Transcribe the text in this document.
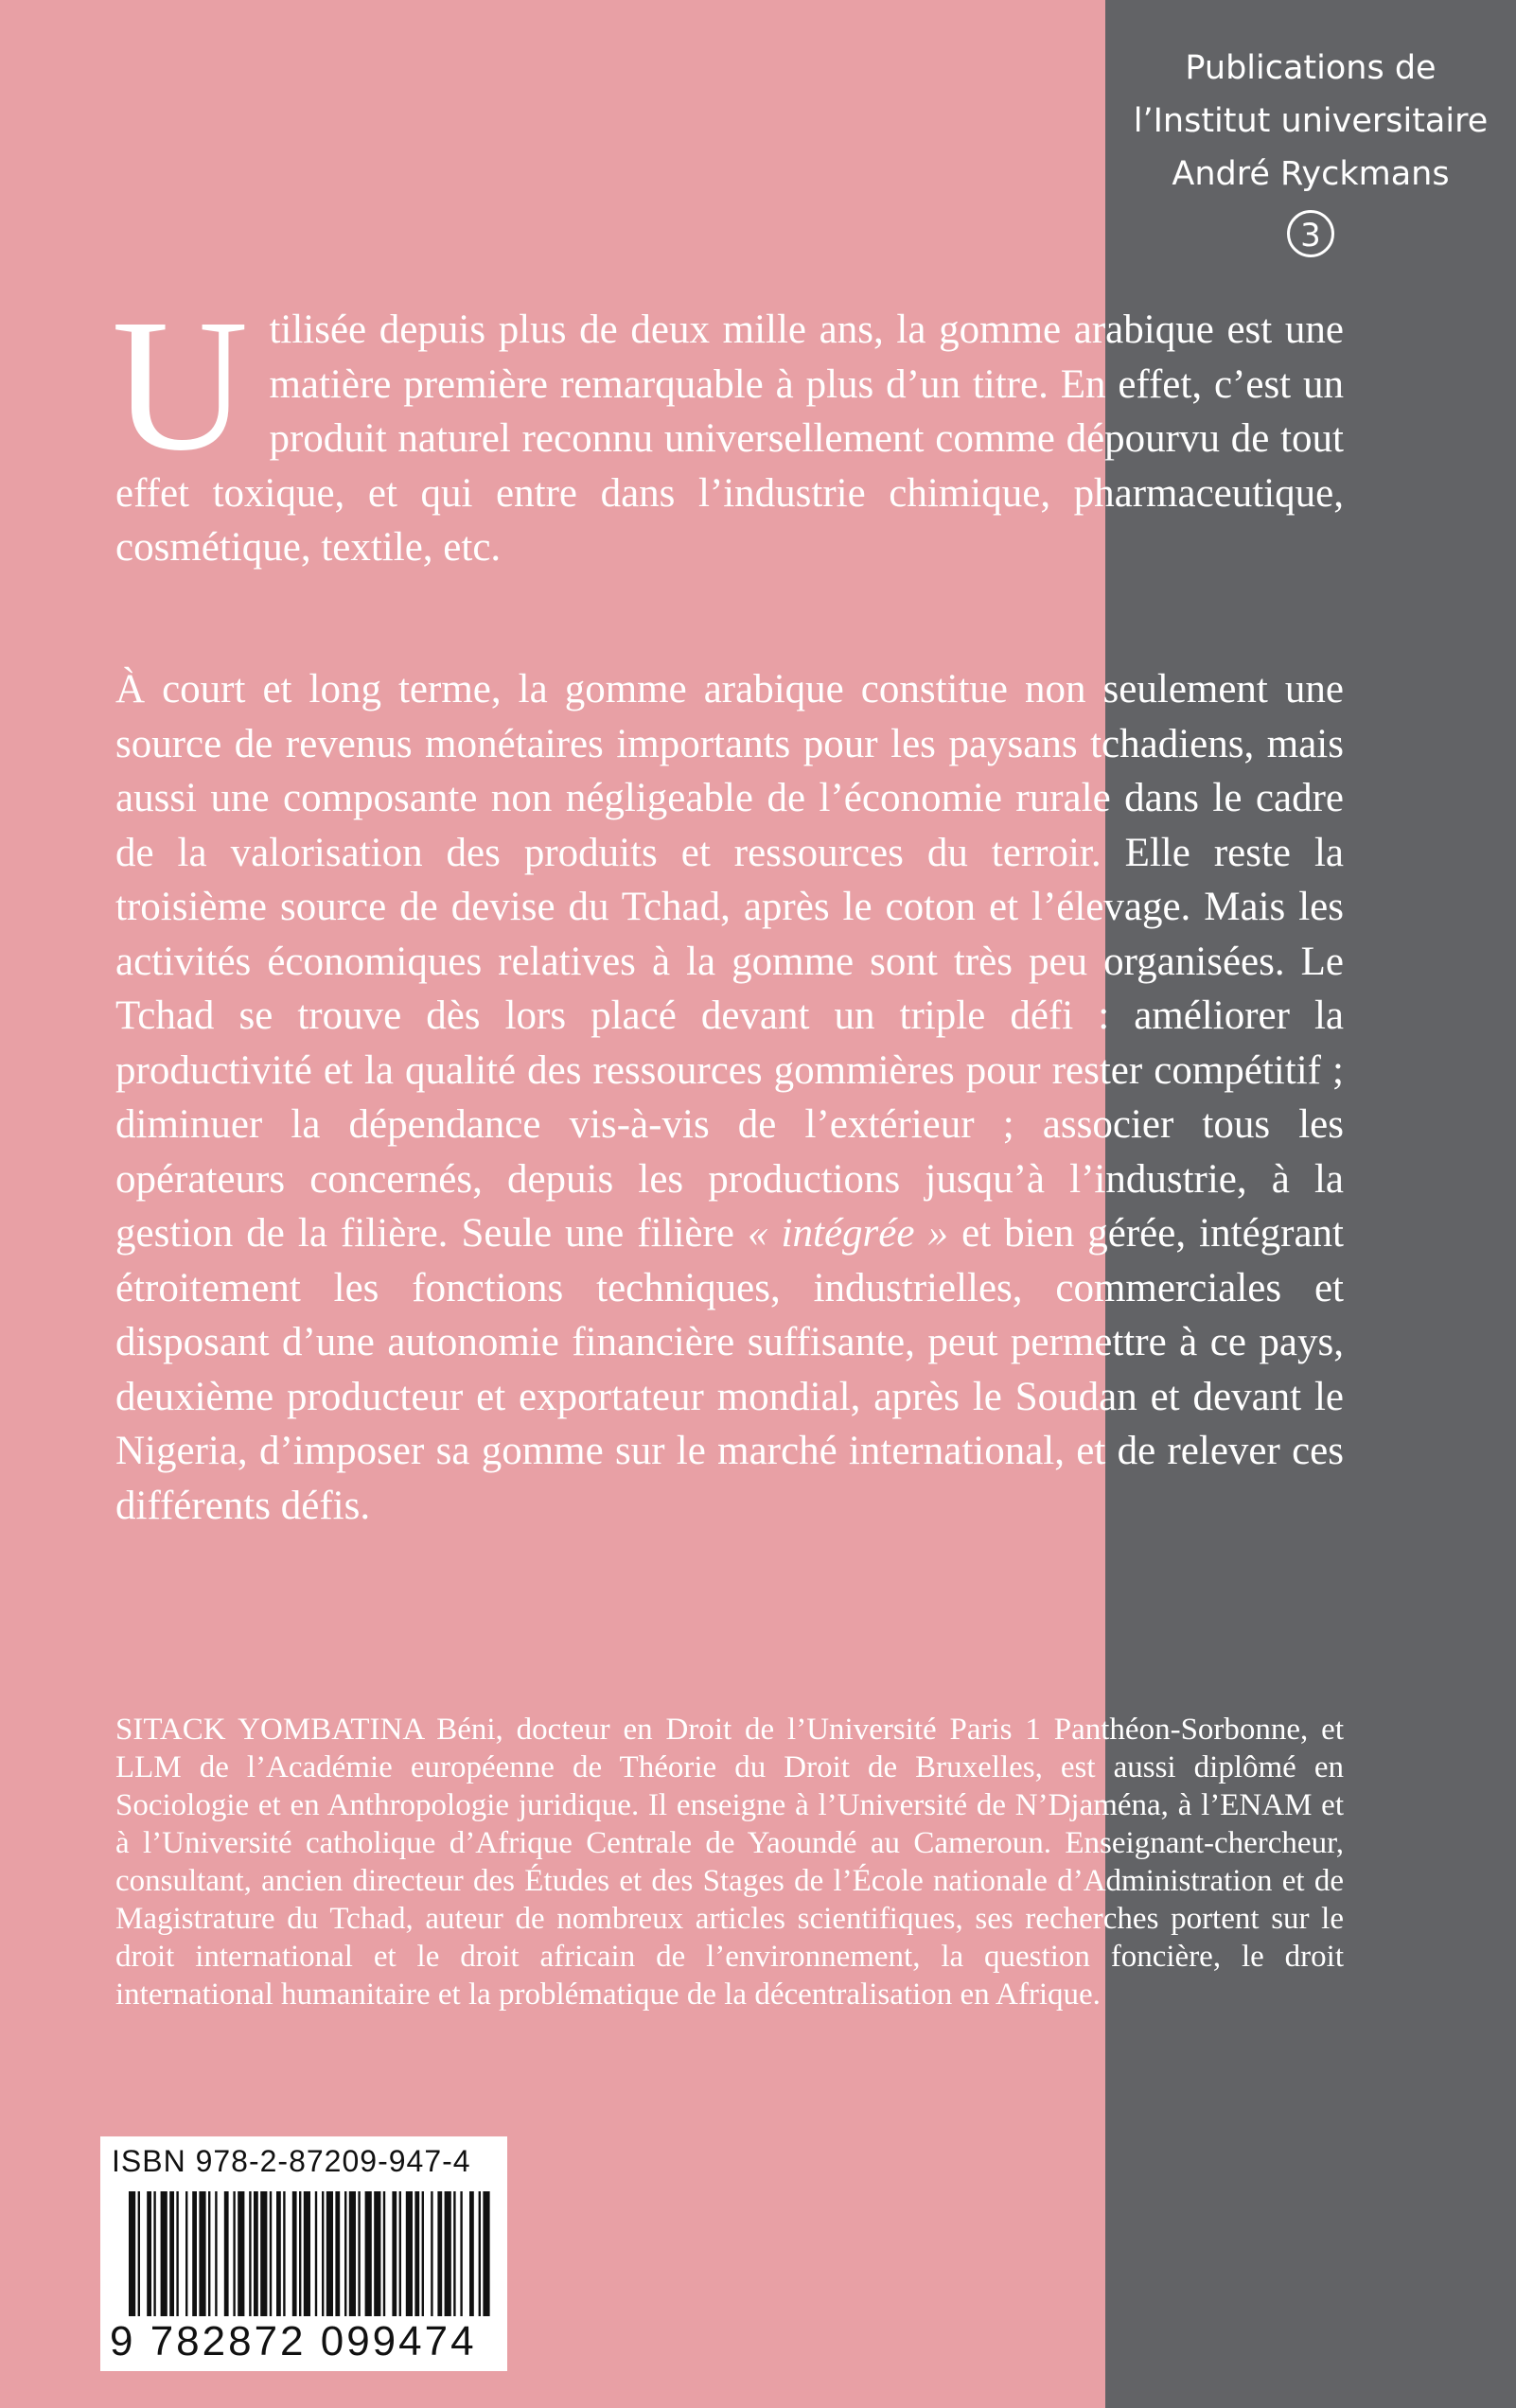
Publications de
l’Institut universitaire
André Ryckmans
3

Utilisée depuis plus de deux mille ans, la gomme arabique est une matière première remarquable à plus d’un titre. En effet, c’est un produit naturel reconnu universellement comme dépourvu de tout effet toxique, et qui entre dans l’industrie chimique, pharmaceutique, cosmétique, textile, etc.

À court et long terme, la gomme arabique constitue non seulement une source de revenus monétaires importants pour les paysans tchadiens, mais aussi une composante non négligeable de l’économie rurale dans le cadre de la valorisation des produits et ressources du terroir. Elle reste la troisième source de devise du Tchad, après le coton et l’élevage. Mais les activités économiques relatives à la gomme sont très peu organisées. Le Tchad se trouve dès lors placé devant un triple défi : améliorer la productivité et la qualité des ressources gommières pour rester compétitif ; diminuer la dépendance vis-à-vis de l’extérieur ; associer tous les opérateurs concernés, depuis les productions jusqu’à l’industrie, à la gestion de la filière. Seule une filière « intégrée » et bien gérée, intégrant étroitement les fonctions techniques, industrielles, commerciales et disposant d’une autonomie financière suffisante, peut permettre à ce pays, deuxième producteur et exportateur mondial, après le Soudan et devant le Nigeria, d’imposer sa gomme sur le marché international, et de relever ces différents défis.

SITACK YOMBATINA Béni, docteur en Droit de l’Université Paris 1 Panthéon-Sorbonne, et LLM de l’Académie européenne de Théorie du Droit de Bruxelles, est aussi diplômé en Sociologie et en Anthropologie juridique. Il enseigne à l’Université de N’Djaména, à l’ENAM et à l’Université catholique d’Afrique Centrale de Yaoundé au Cameroun. Enseignant-chercheur, consultant, ancien directeur des Études et des Stages de l’École nationale d’Administration et de Magistrature du Tchad, auteur de nombreux articles scientifiques, ses recherches portent sur le droit international et le droit africain de l’environnement, la question foncière, le droit international humanitaire et la problématique de la décentralisation en Afrique.

ISBN 978-2-87209-947-4
9 782872 099474
